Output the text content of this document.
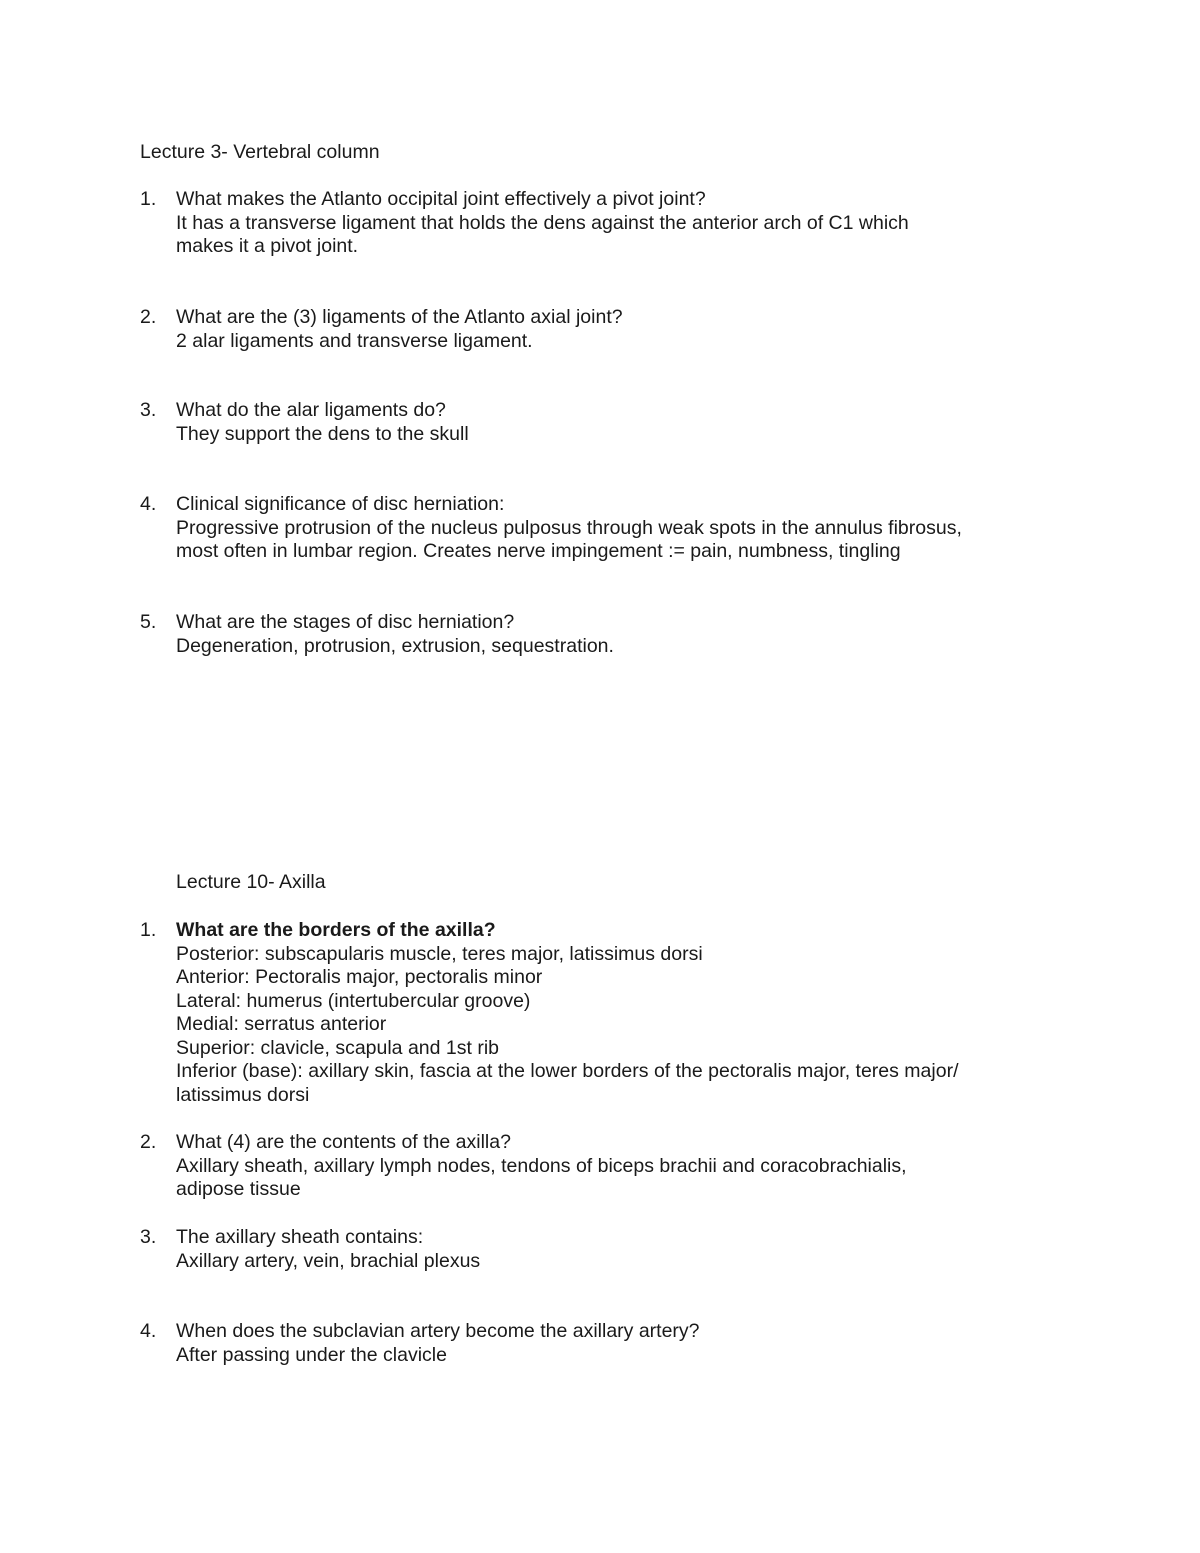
Lecture 3- Vertebral column
1.	What makes the Atlanto occipital joint effectively a pivot joint?
It has a transverse ligament that holds the dens against the anterior arch of C1 which
makes it a pivot joint.
2.	What are the (3) ligaments of the Atlanto axial joint?
2 alar ligaments and transverse ligament.
3.	What do the alar ligaments do?
They support the dens to the skull
4.	Clinical significance of disc herniation:
Progressive protrusion of the nucleus pulposus through weak spots in the annulus fibrosus,
most often in lumbar region. Creates nerve impingement := pain, numbness, tingling
5.	What are the stages of disc herniation?
Degeneration, protrusion, extrusion, sequestration.
Lecture 10- Axilla
1.	What are the borders of the axilla?
Posterior: subscapularis muscle, teres major, latissimus dorsi
Anterior: Pectoralis major, pectoralis minor
Lateral: humerus (intertubercular groove)
Medial: serratus anterior
Superior: clavicle, scapula and 1st rib
Inferior (base): axillary skin, fascia at the lower borders of the pectoralis major, teres major/
latissimus dorsi
2.	What (4) are the contents of the axilla?
Axillary sheath, axillary lymph nodes, tendons of biceps brachii and coracobrachialis,
adipose tissue
3.	The axillary sheath contains:
Axillary artery, vein, brachial plexus
4.	When does the subclavian artery become the axillary artery?
After passing under the clavicle
